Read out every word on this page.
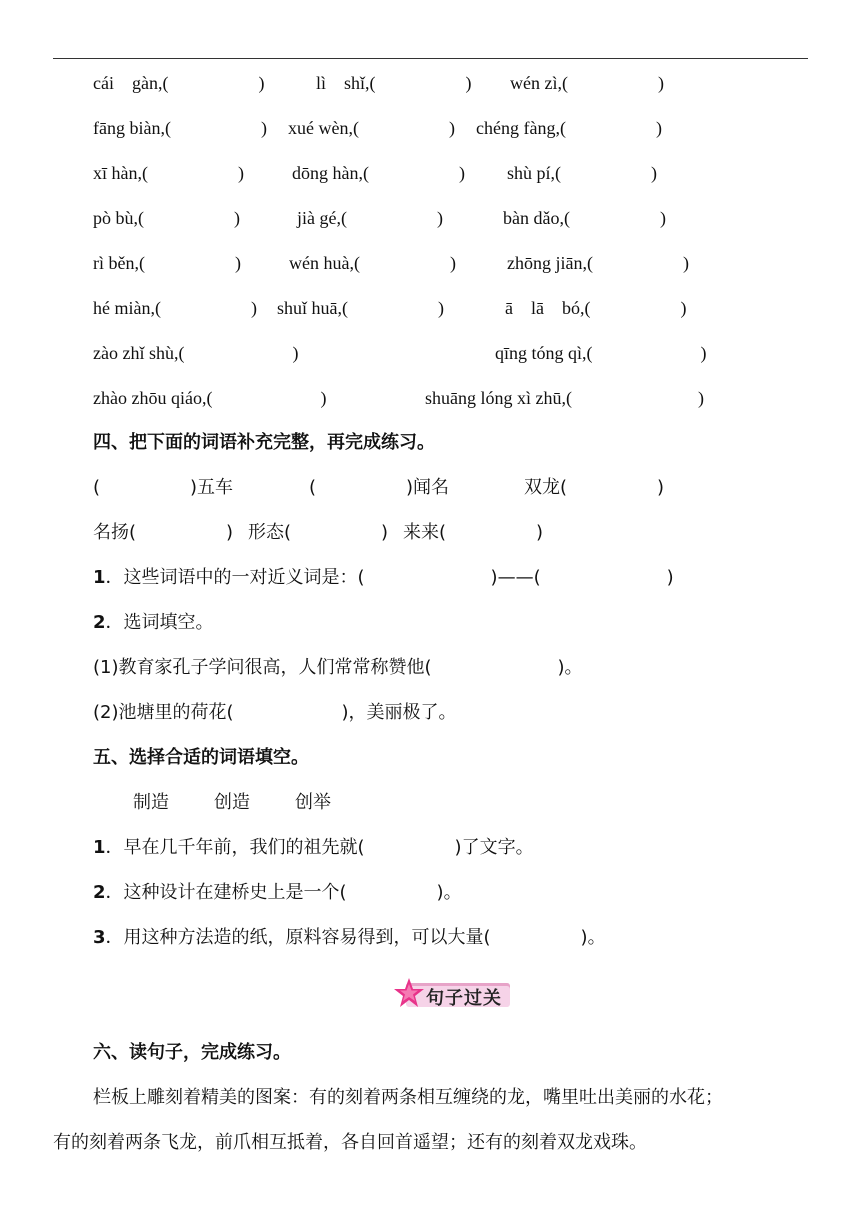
cái　gàn,(　　　　　)	lì　shǐ,(　　　　　) wén zì,(　　　　　)
fāng biàn,(　　　　　) xué wèn,(　　　　　) chéng fàng,(　　　　　)
xī hàn,(　　　　　)	dōng hàn,(　　　　　) shù pí,(　　　　　)
pò bù,(　　　　　)	jià gé,(　　　　　)	bàn dǎo,(　　　　　)
rì běn,(　　　　　)	wén huà,(　　　　　)	zhōng jiān,(　　　　　)
hé miàn,(　　　　　) shuǐ huā,(　　　　　)	ā　lā　bó,(　　　　　)
zào zhǐ shù,(　　　　　　)	qīng tóng qì,(　　　　　　)
zhào zhōu qiáo,(　　　　　　)	shuāng lóng xì zhū,(　　　　　　　)
四、把下面的词语补充完整，再完成练习。
(　　　　　)五车	(　　　　　)闻名	双龙(　　　　　)
名扬(　　　　　) 形态(　　　　　) 来来(　　　　　)
1．这些词语中的一对近义词是：(　　　　　　　)——(　　　　　　　)
2．选词填空。
(1)教育家孔子学问很高，人们常常称赞他(　　　　　　　)。
(2)池塘里的荷花(　　　　　　)，美丽极了。
五、选择合适的词语填空。
制造	创造	创举
1．早在几千年前，我们的祖先就(　　　　　)了文字。
2．这种设计在建桥史上是一个(　　　　　)。
3．用这种方法造的纸，原料容易得到，可以大量(　　　　　)。
句子过关
六、读句子，完成练习。
栏板上雕刻着精美的图案：有的刻着两条相互缠绕的龙，嘴里吐出美丽的水花；
有的刻着两条飞龙，前爪相互抵着，各自回首遥望；还有的刻着双龙戏珠。
